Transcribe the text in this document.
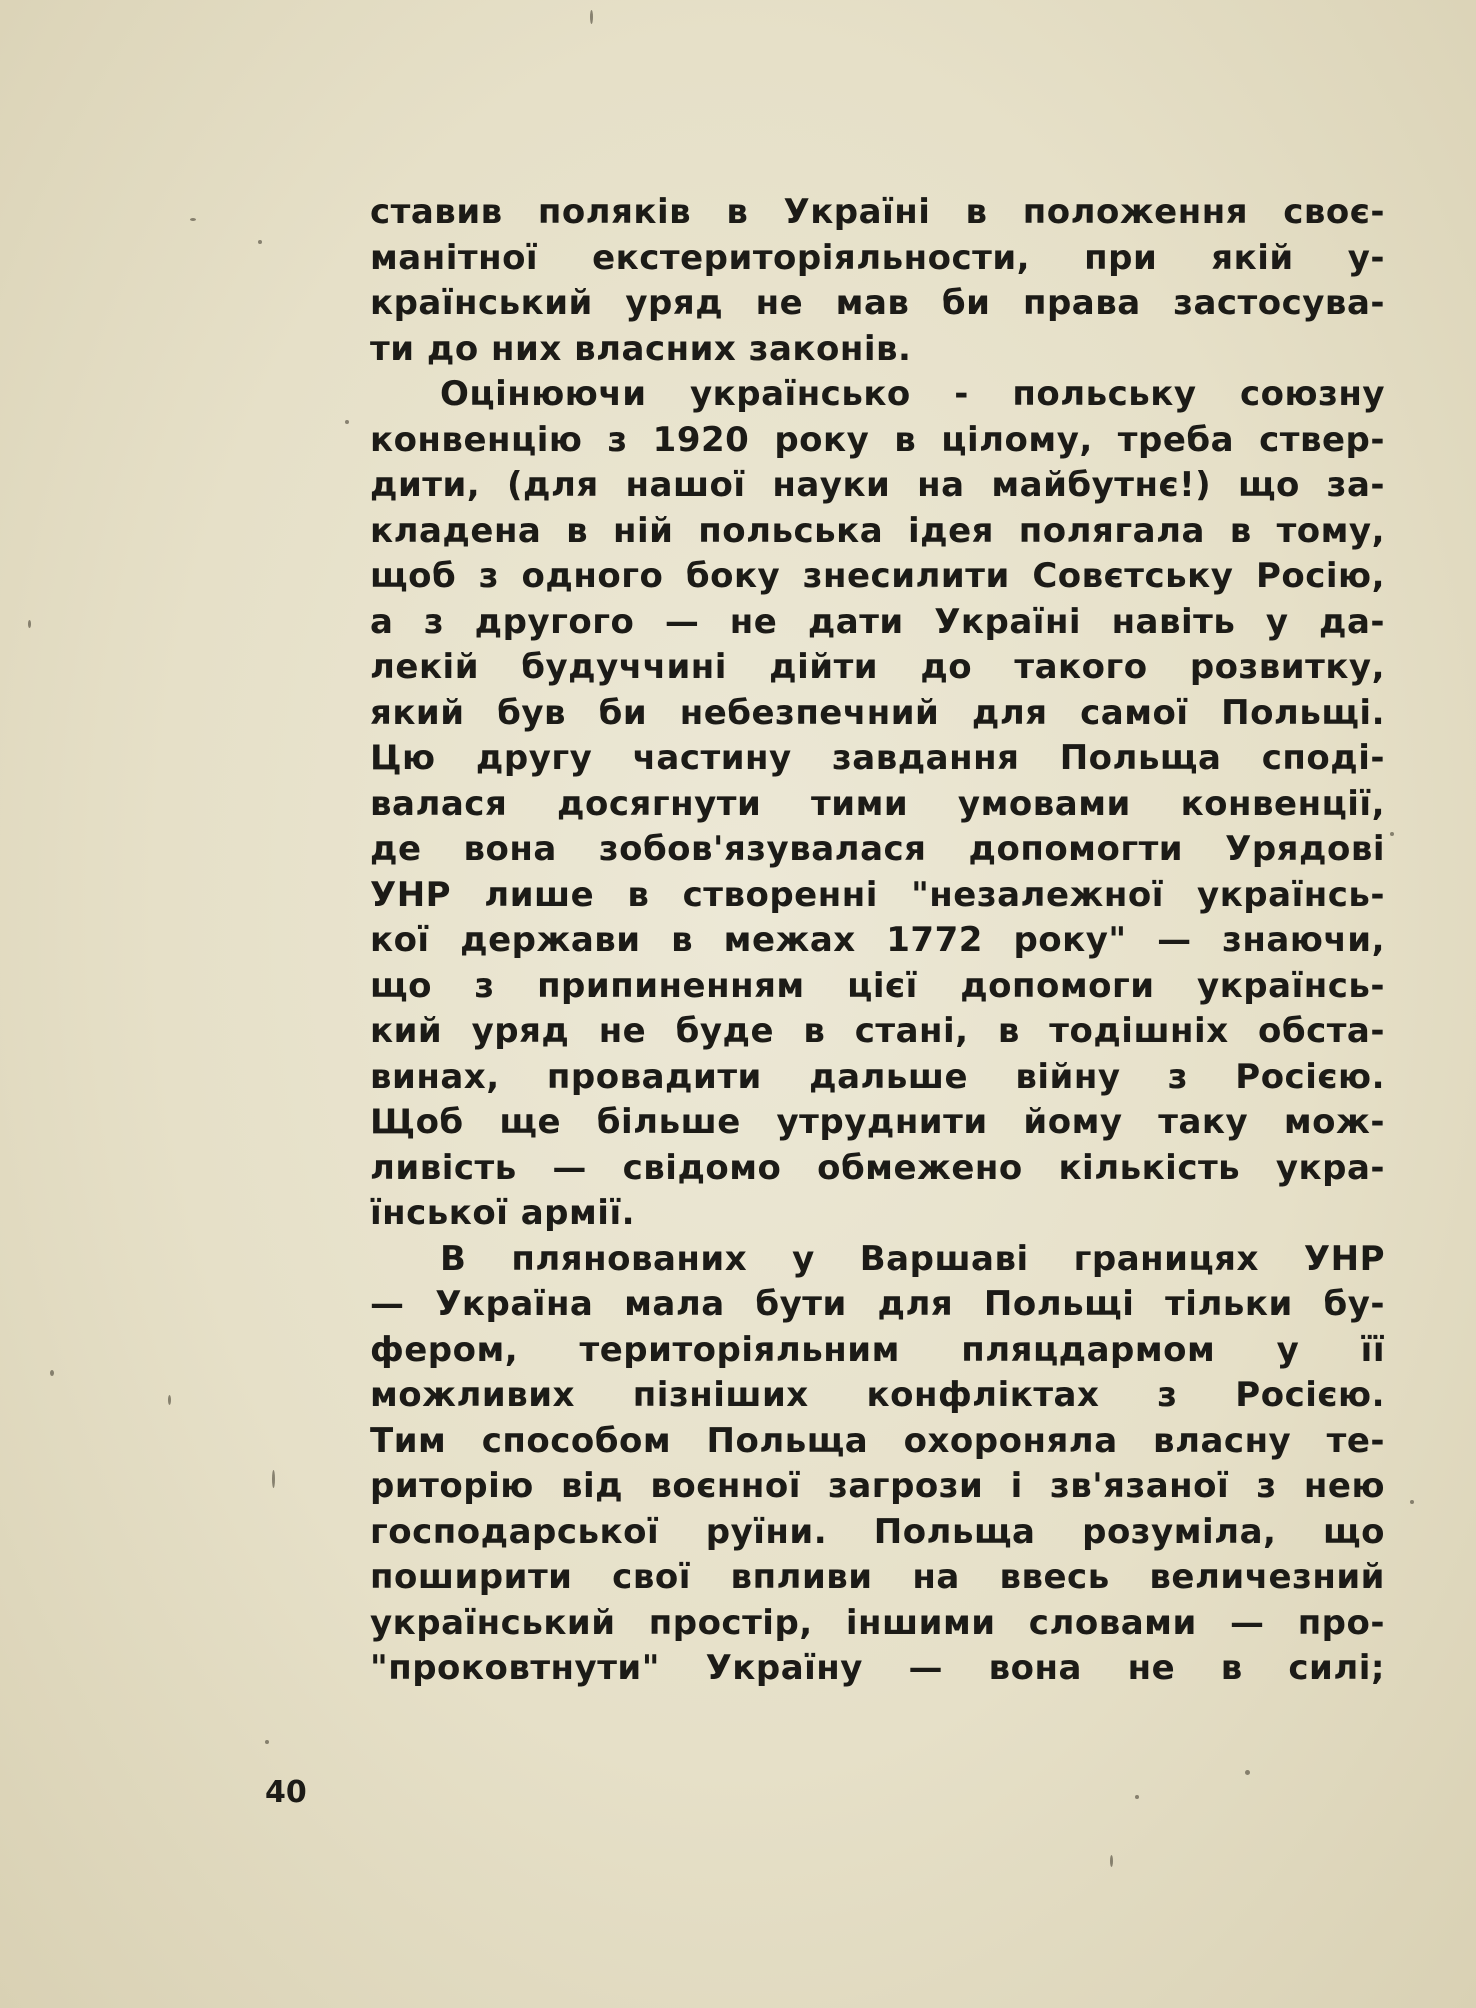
ставив поляків в Україні в положення своє-
манітної екстериторіяльности, при якій у-
країнський уряд не мав би права застосува-
ти до них власних законів.
Оцінюючи українсько - польську союзну
конвенцію з 1920 року в цілому, треба ствер-
дити, (для нашої науки на майбутнє!) що за-
кладена в ній польська ідея полягала в тому,
щоб з одного боку знесилити Совєтську Росію,
а з другого — не дати Україні навіть у да-
лекій будуччині дійти до такого розвитку,
який був би небезпечний для самої Польщі.
Цю другу частину завдання Польща споді-
валася досягнути тими умовами конвенції,
де вона зобов'язувалася допомогти Урядові
УНР лише в створенні "незалежної українсь-
кої держави в межах 1772 року" — знаючи,
що з припиненням цієї допомоги українсь-
кий уряд не буде в стані, в тодішніх обста-
винах, провадити дальше війну з Росією.
Щоб ще більше утруднити йому таку мож-
ливість — свідомо обмежено кількість укра-
їнської армії.
В плянованих у Варшаві границях УНР
— Україна мала бути для Польщі тільки бу-
фером, територіяльним пляцдармом у її
можливих пізніших конфліктах з Росією.
Тим способом Польща охороняла власну те-
риторію від воєнної загрози і зв'язаної з нею
господарської руїни. Польща розуміла, що
поширити свої впливи на ввесь величезний
український простір, іншими словами — про-
"проковтнути" Україну — вона не в силі;
40
